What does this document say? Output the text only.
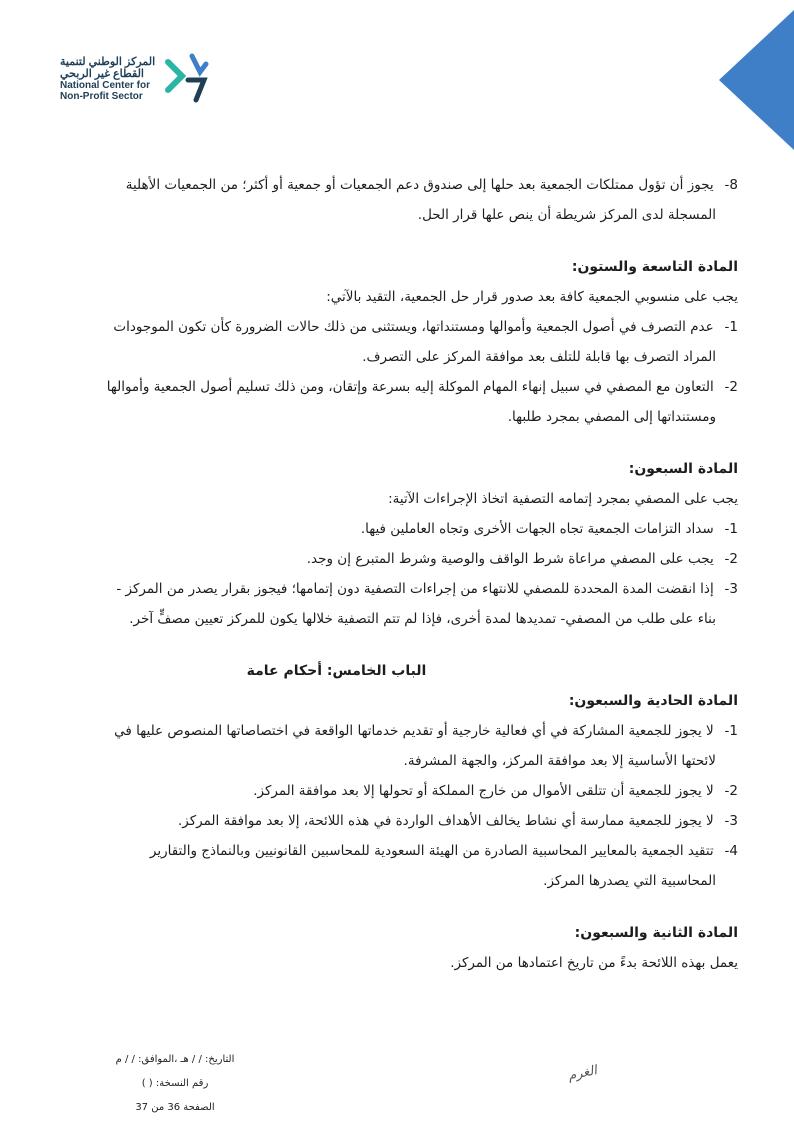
المركز الوطني لتنمية
القطاع غير الربحي
National Center for
Non-Profit Sector

8- يجوز أن تؤول ممتلكات الجمعية بعد حلها إلى صندوق دعم الجمعيات أو جمعية أو أكثر؛ من الجمعيات الأهلية

المسجلة لدى المركز شريطة أن ينص علها قرار الحل.

المادة التاسعة والستون:

يجب على منسوبي الجمعية كافة بعد صدور قرار حل الجمعية، التقيد بالآتي:

1- عدم التصرف في أصول الجمعية وأموالها ومستنداتها، ويستثنى من ذلك حالات الضرورة كأن تكون الموجودات

المراد التصرف بها قابلة للتلف بعد موافقة المركز على التصرف.

2- التعاون مع المصفي في سبيل إنهاء المهام الموكلة إليه بسرعة وإتقان، ومن ذلك تسليم أصول الجمعية وأموالها

ومستنداتها إلى المصفي بمجرد طلبها.

المادة السبعون:

يجب على المصفي بمجرد إتمامه التصفية اتخاذ الإجراءات الآتية:

1- سداد التزامات الجمعية تجاه الجهات الأخرى وتجاه العاملين فيها.

2- يجب على المصفي مراعاة شرط الواقف والوصية وشرط المتبرع إن وجد.

3- إذا انقضت المدة المحددة للمصفي للانتهاء من إجراءات التصفية دون إتمامها؛ فيجوز بقرار يصدر من المركز -

بناء على طلب من المصفي- تمديدها لمدة أخرى، فإذا لم تتم التصفية خلالها يكون للمركز تعيين مصفٍّ آخر.

الباب الخامس: أحكام عامة

المادة الحادية والسبعون:

1- لا يجوز للجمعية المشاركة في أي فعالية خارجية أو تقديم خدماتها الواقعة في اختصاصاتها المنصوص عليها في

لائحتها الأساسية إلا بعد موافقة المركز، والجهة المشرفة.

2- لا يجوز للجمعية أن تتلقى الأموال من خارج المملكة أو تحولها إلا بعد موافقة المركز.

3- لا يجوز للجمعية ممارسة أي نشاط يخالف الأهداف الواردة في هذه اللائحة، إلا بعد موافقة المركز.

4- تتقيد الجمعية بالمعايير المحاسبية الصادرة من الهيئة السعودية للمحاسبين القانونيين وبالنماذج والتقارير

المحاسبية التي يصدرها المركز.

المادة الثانية والسبعون:

يعمل بهذه اللائحة بدءً من تاريخ اعتمادها من المركز.

التاريخ: / / هـ ،الموافق: / / م
رقم النسخة: ( )
الصفحة 36 من 37
الغرم
